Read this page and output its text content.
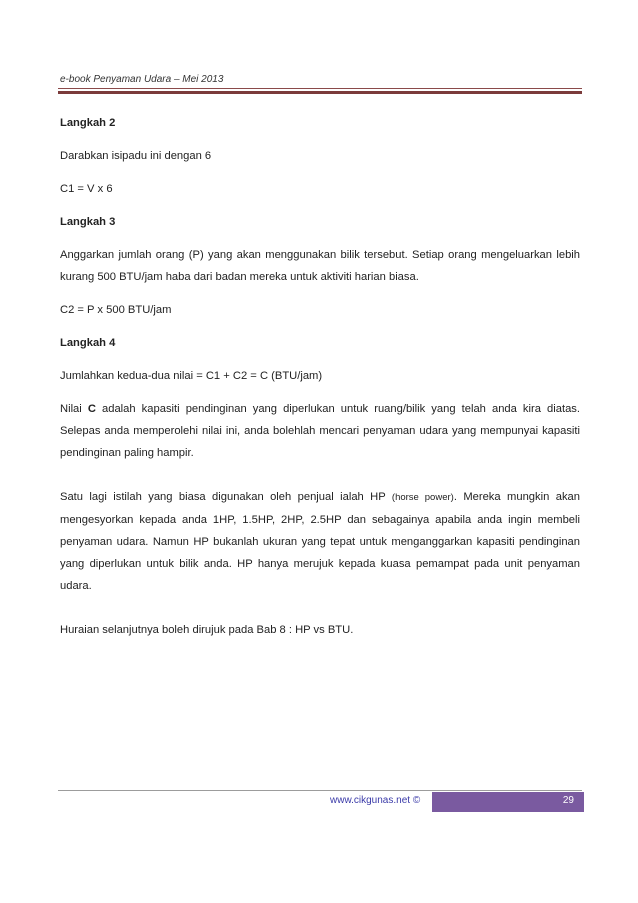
e-book Penyaman Udara – Mei 2013

Langkah 2

Darabkan isipadu ini dengan 6

C1 = V x 6

Langkah 3

Anggarkan jumlah orang (P) yang akan menggunakan bilik tersebut. Setiap orang mengeluarkan lebih kurang 500 BTU/jam haba dari badan mereka untuk aktiviti harian biasa.

C2 = P x 500 BTU/jam

Langkah 4

Jumlahkan kedua-dua nilai = C1 + C2 = C (BTU/jam)

Nilai C adalah kapasiti pendinginan yang diperlukan untuk ruang/bilik yang telah anda kira diatas. Selepas anda memperolehi nilai ini, anda bolehlah mencari penyaman udara yang mempunyai kapasiti pendinginan paling hampir.

Satu lagi istilah yang biasa digunakan oleh penjual ialah HP (horse power). Mereka mungkin akan mengesyorkan kepada anda 1HP, 1.5HP, 2HP, 2.5HP dan sebagainya apabila anda ingin membeli penyaman udara. Namun HP bukanlah ukuran yang tepat untuk menganggarkan kapasiti pendinginan yang diperlukan untuk bilik anda. HP hanya merujuk kepada kuasa pemampat pada unit penyaman udara.

Huraian selanjutnya boleh dirujuk pada Bab 8 : HP vs BTU.

www.cikgunas.net ©	29
